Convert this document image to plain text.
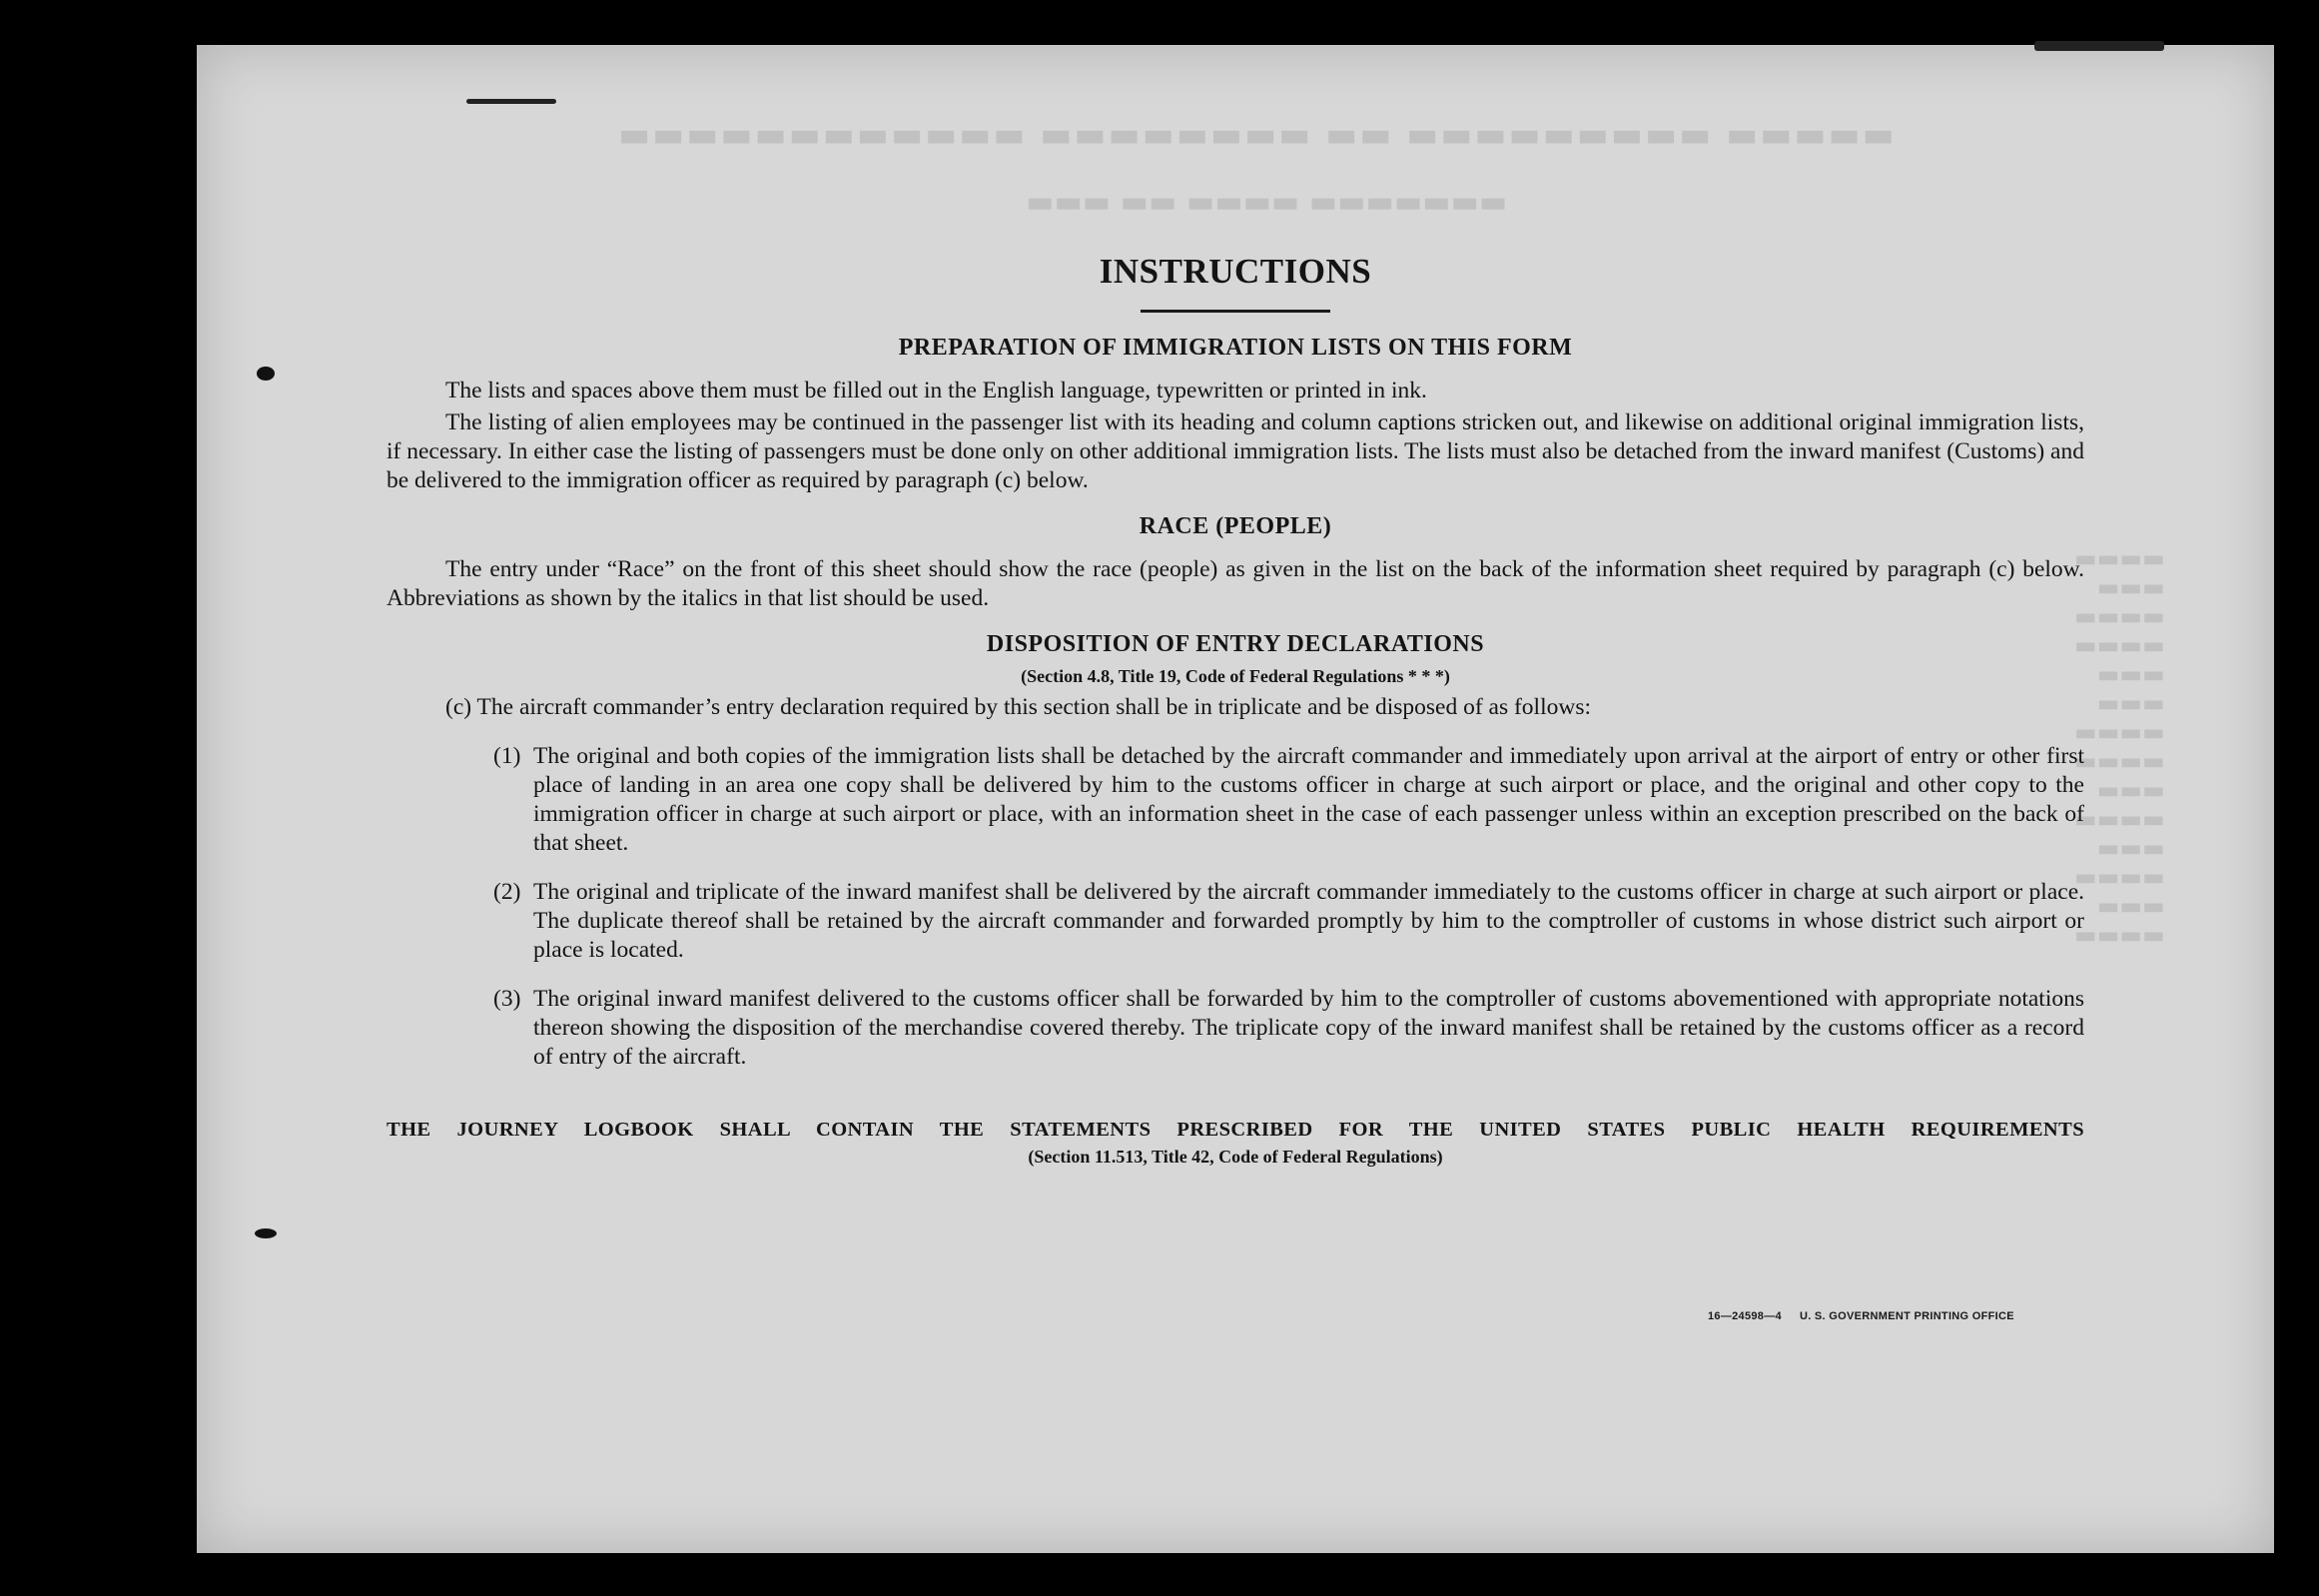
▬▬▬▬▬ ▬▬▬▬▬▬▬▬▬ ▬▬ ▬▬▬▬▬▬▬▬ ▬▬▬▬▬▬▬▬▬▬▬▬
▬▬▬▬▬▬▬ ▬▬▬▬ ▬▬ ▬▬▬
▬▬▬▬
▬▬▬
▬▬▬▬
▬▬▬▬
▬▬▬
▬▬▬
▬▬▬▬
▬▬▬▬
▬▬▬
▬▬▬▬
▬▬▬
▬▬▬▬
▬▬▬
▬▬▬▬
INSTRUCTIONS
PREPARATION OF IMMIGRATION LISTS ON THIS FORM

The lists and spaces above them must be filled out in the English language, typewritten or printed in ink.

The listing of alien employees may be continued in the passenger list with its heading and column captions stricken out, and likewise on additional original immigration lists, if necessary. In either case the listing of passengers must be done only on other additional immigration lists. The lists must also be detached from the inward manifest (Customs) and be delivered to the immigration officer as required by paragraph (c) below.

RACE (PEOPLE)

The entry under “Race” on the front of this sheet should show the race (people) as given in the list on the back of the information sheet required by paragraph (c) below. Abbreviations as shown by the italics in that list should be used.

DISPOSITION OF ENTRY DECLARATIONS
(Section 4.8, Title 19, Code of Federal Regulations * * *)

(c) The aircraft commander’s entry declaration required by this section shall be in triplicate and be disposed of as follows:

(1) The original and both copies of the immigration lists shall be detached by the aircraft commander and immediately upon arrival at the airport of entry or other first place of landing in an area one copy shall be delivered by him to the customs officer in charge at such airport or place, and the original and other copy to the immigration officer in charge at such airport or place, with an information sheet in the case of each passenger unless within an exception prescribed on the back of that sheet.
(2) The original and triplicate of the inward manifest shall be delivered by the aircraft commander immediately to the customs officer in charge at such airport or place. The duplicate thereof shall be retained by the aircraft commander and forwarded promptly by him to the comptroller of customs in whose district such airport or place is located.
(3) The original inward manifest delivered to the customs officer shall be forwarded by him to the comptroller of customs abovementioned with appropriate notations thereon showing the disposition of the merchandise covered thereby. The triplicate copy of the inward manifest shall be retained by the customs officer as a record of entry of the aircraft.
THE JOURNEY LOGBOOK SHALL CONTAIN THE STATEMENTS PRESCRIBED FOR THE UNITED STATES PUBLIC HEALTH REQUIREMENTS
(Section 11.513, Title 42, Code of Federal Regulations)
16—24598—4 U. S. GOVERNMENT PRINTING OFFICE
